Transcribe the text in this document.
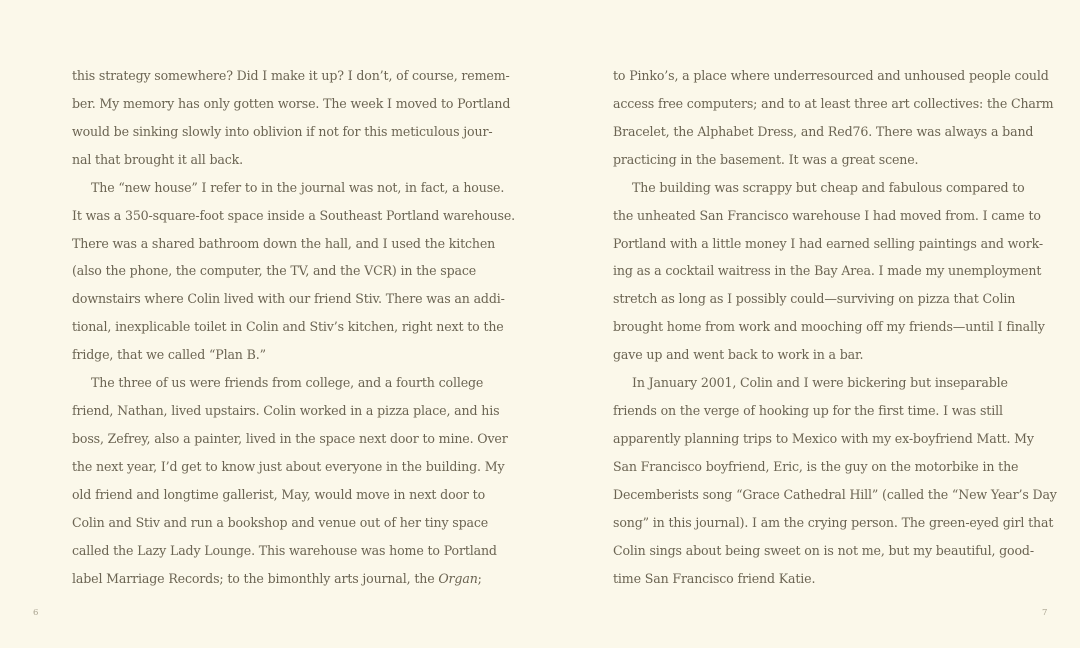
this strategy somewhere? Did I make it up? I don’t, of course, remem-
ber. My memory has only gotten worse. The week I moved to Portland
would be sinking slowly into oblivion if not for this meticulous jour-
nal that brought it all back.
The “new house” I refer to in the journal was not, in fact, a house.
It was a 350-square-foot space inside a Southeast Portland warehouse.
There was a shared bathroom down the hall, and I used the kitchen
(also the phone, the computer, the TV, and the VCR) in the space
downstairs where Colin lived with our friend Stiv. There was an addi-
tional, inexplicable toilet in Colin and Stiv’s kitchen, right next to the
fridge, that we called “Plan B.”
The three of us were friends from college, and a fourth college
friend, Nathan, lived upstairs. Colin worked in a pizza place, and his
boss, Zefrey, also a painter, lived in the space next door to mine. Over
the next year, I’d get to know just about everyone in the building. My
old friend and longtime gallerist, May, would move in next door to
Colin and Stiv and run a bookshop and venue out of her tiny space
called the Lazy Lady Lounge. This warehouse was home to Portland
label Marriage Records; to the bimonthly arts journal, the Organ;
6
to Pinko’s, a place where underresourced and unhoused people could
access free computers; and to at least three art collectives: the Charm
Bracelet, the Alphabet Dress, and Red76. There was always a band
practicing in the basement. It was a great scene.
The building was scrappy but cheap and fabulous compared to
the unheated San Francisco warehouse I had moved from. I came to
Portland with a little money I had earned selling paintings and work-
ing as a cocktail waitress in the Bay Area. I made my unemployment
stretch as long as I possibly could—surviving on pizza that Colin
brought home from work and mooching off my friends—until I finally
gave up and went back to work in a bar.
In January 2001, Colin and I were bickering but inseparable
friends on the verge of hooking up for the first time. I was still
apparently planning trips to Mexico with my ex-boyfriend Matt. My
San Francisco boyfriend, Eric, is the guy on the motorbike in the
Decemberists song “Grace Cathedral Hill” (called the “New Year’s Day
song” in this journal). I am the crying person. The green-eyed girl that
Colin sings about being sweet on is not me, but my beautiful, good-
time San Francisco friend Katie.
7
